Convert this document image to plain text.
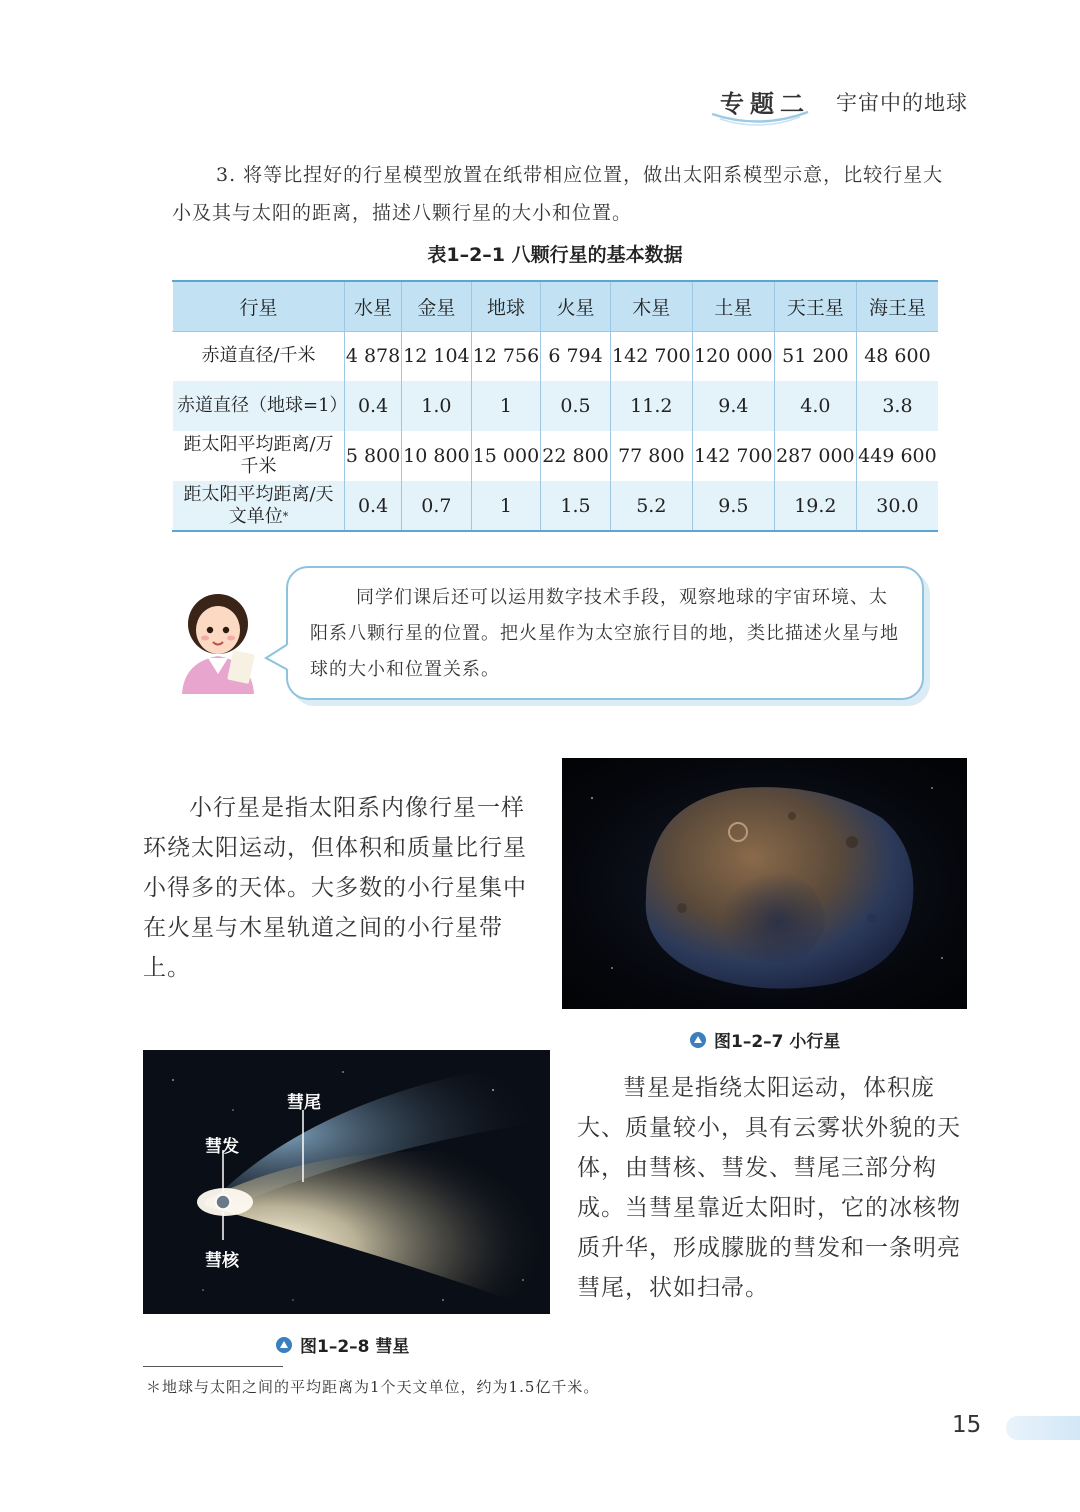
专题二 宇宙中的地球

3. 将等比捏好的行星模型放置在纸带相应位置，做出太阳系模型示意，比较行星大小及其与太阳的距离，描述八颗行星的大小和位置。

表1–2–1 八颗行星的基本数据
行星	水星	金星	地球	火星	木星	土星	天王星	海王星
赤道直径/千米	4 878	12 104	12 756	6 794	142 700	120 000	51 200	48 600
赤道直径（地球=1）	0.4	1.0	1	0.5	11.2	9.4	4.0	3.8
距太阳平均距离/万千米	5 800	10 800	15 000	22 800	77 800	142 700	287 000	449 600
距太阳平均距离/天文单位*	0.4	0.7	1	1.5	5.2	9.5	19.2	30.0

同学们课后还可以运用数字技术手段，观察地球的宇宙环境、太阳系八颗行星的位置。把火星作为太空旅行目的地，类比描述火星与地球的大小和位置关系。

小行星是指太阳系内像行星一样环绕太阳运动，但体积和质量比行星小得多的天体。大多数的小行星集中在火星与木星轨道之间的小行星带上。

图1–2–7 小行星
彗尾
彗发
彗核
图1–2–8 彗星

彗星是指绕太阳运动，体积庞大、质量较小，具有云雾状外貌的天体，由彗核、彗发、彗尾三部分构成。当彗星靠近太阳时，它的冰核物质升华，形成朦胧的彗发和一条明亮彗尾，状如扫帚。

＊地球与太阳之间的平均距离为1个天文单位，约为1.5亿千米。

15
